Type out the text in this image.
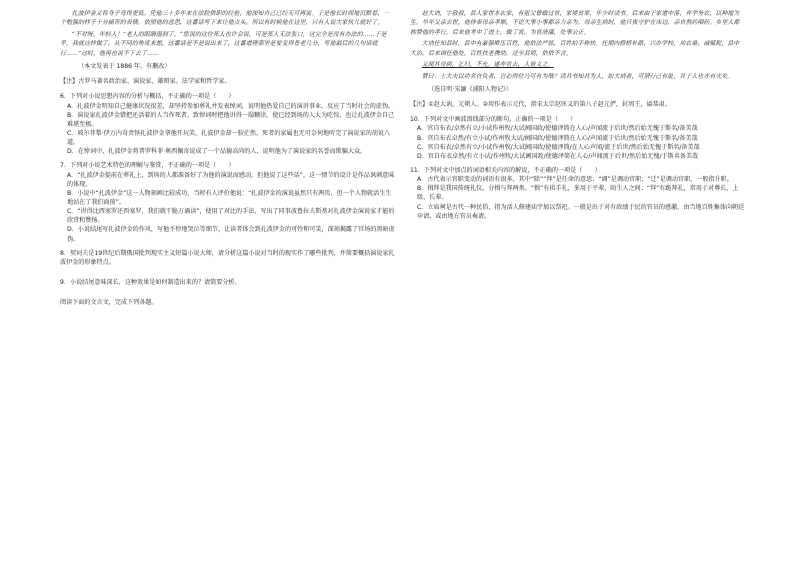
扎波伊金又将身子弯得更低。凭他三十多年来在法院供职的经验，他深知自己已经无可再说。于是他长时间地沉默着，一个勉强的样子十分痛苦的表情。依照他的意思，这番话写下来让他点头，所以有时候他在这里，只有人说大家伙儿就好了。

“不对呀，年轻人！”老人的眼睛湿润了，“您说的这位死人也许会说，可是死人无法张口，这完全是没有办法的……于是乎，我就这样做了，从不同的角度来想，这番话是不是说出来了，这番道理那里是要变得苍老几分，写他最后的几句话就行……”这时，他再也说不下去了……

（本文发表于 1886 年，有删改）

【注】古罗马著名政治家、演说家、雄辩家、法学家和哲学家。

6．下列对小说思想内容的分析与概括，不正确的一项是（　　）

A．扎波伊金明知自己健康状况很差，却坚持参加葬礼并发表悼词，说明他热爱自己的演讲事业，反应了当时社会的虚伪。

B．演说家扎波伊金错把还活着的人当作死者，致悼词时把他讲得一塌糊涂，使已经到场的人大为吃惊，也让扎波伊金自己难堪至极。

C．坡尔菲梨·伊万内奇责怪扎波伊金拿他开玩笑，扎波伊金却一脸茫然，死者的家属也无可奈何地听完了演说家的胡说八道。

D．在悼词中，扎波伊金将普罗科菲·奥西佩奇说成了一个品德高尚的人，说明他为了演说家的名誉而欺骗大众。

7．下列对小说艺术特色的理解与鉴赏，不正确的一项是（　　）

A．“扎波伊金提前在葬礼上，到场的人都准备好了为他的演说而感动，但他说了这些话”，这一情节的设计是作品讽刺意味的体现。

B．小说中“扎波伊金”这一人物刻画比较成功，当时有人评价他说：“扎波伊金的演说虽然只有两页，但一个人物就活生生地站在了我们面前”。

C．“讲得比西塞罗还西塞罗，我们就干脆万诵读”，使用了对比的手法，写出了同事波鲁拉夫斯基对扎波伊金演说家才能的欣赏和赞扬。

D．小说结尾写扎波伊金的作风，写他不停地哭泣等细节，让读者体会到扎波伊金的可怜和可笑，深刻揭露了官场的黑暗虚伪。

8．契诃夫是19世纪后期俄国批判现实主义短篇小说大师，请分析这篇小说对当时的现实作了哪些批判，并简要概括演说家扎波伊金的形象特点。

9．小说结尾意味深长，这种效果是如何制造出来的？请简要分析。

阅读下面的文言文，完成下列各题。

赵大讷，字敬叔，县人家世本农家，有祖父曾做过官，家境贫寒，年少时读书。后来由于家道中落，弃学务农，以种地为生。早年父亲去世，他侍奉母亲孝顺，不论大事小事都亲力亲为。母亲生病时，他日夜守护在床边，亲自熬药喂药。乡里人都称赞他的孝行。后来他考中了进士，做了官，为官清廉，处事公正。

大讷任知县时，县中有豪强欺压百姓，他依法严惩，百姓拍手称快。任期内修桥补路，兴办学校，劝农桑，减赋税，县中大治。后来调任他处，百姓扶老携幼，送至县境，依依不舍。

又闻其母病，乞归，不允。遂弃官去，人皆义之。

赞曰：士大夫以功名自负者，岂必得位乃可有为哉？读其书知其为人，如大讷者，可谓行己有耻，其于人也亦有光矣。

（选自明·宋濂《浦阳人物记》）

【注】①赵大讷，元朝人。②用作表示元代，指宋太宗赵匡义的第八子赵元俨，封周王，谥恭肃。

10．下列对文中画波浪线部分的断句，正确的一项是（　　）

A．官自布衣/卓然有立/小试作州牧/大试阃国政/使德泽简在人心/声闻流于后世/然后始无愧于斯名/备美哉

B．官自布衣卓然/有立小试/作州牧大试/阃国政/使德泽简在人心/声闻流于后世/然后始无愧于斯名/备美哉

C．官自布衣/卓然有立/小试作州牧/大试阃国政/使德泽简/在人心声闻/流于后世/然后始无愧于斯名/备美哉

D．官自布衣卓然/有立小试/作州牧/大试阃国政/使德泽简在人心/声闻流于后世/然后始无愧/于斯名备美哉

11．下列对文中加点的词语相关内容的解说，不正确的一项是（　　）

A．古代表示官职变动的词语有很多，其中“除”“拜”是任命的意思；“调”是调动官职；“迁”是调动官职，一般指升职。

B．揖拜是我国传统礼仪，分揖与拜两类。“揖”有拱手礼，多用于平辈、陌生人之间；“拜”有跪拜礼，常用于对尊长、上级、长辈。

C．立庙祠是古代一种民俗，指为活人修建庙宇加以祭祀。一般是出于对有政绩于民的官员的感激，由当地百姓集体向朝廷申请，或由地方官员奏请。
